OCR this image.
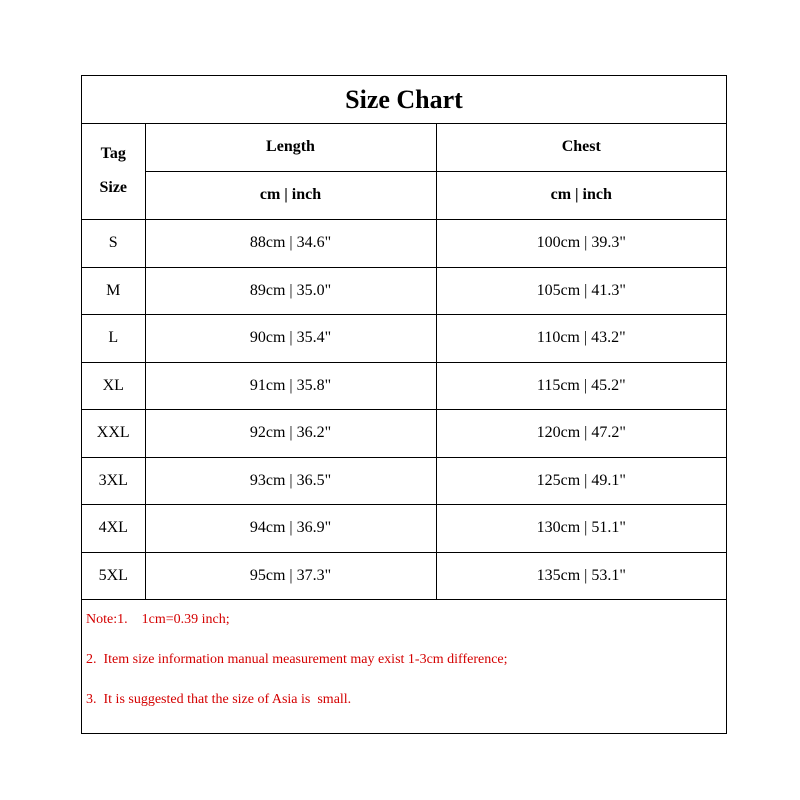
Size Chart
Tag
Size	Length	Chest
	cm | inch	cm | inch
S	88cm | 34.6"	100cm | 39.3"
M	89cm | 35.0"	105cm | 41.3"
L	90cm | 35.4"	110cm | 43.2"
XL	91cm | 35.8"	115cm | 45.2"
XXL	92cm | 36.2"	120cm | 47.2"
3XL	93cm | 36.5"	125cm | 49.1"
4XL	94cm | 36.9"	130cm | 51.1"
5XL	95cm | 37.3"	135cm | 53.1"
Note:1.    1cm=0.39 inch;
2.  Item size information manual measurement may exist 1-3cm difference;
3.  It is suggested that the size of Asia is  small.
